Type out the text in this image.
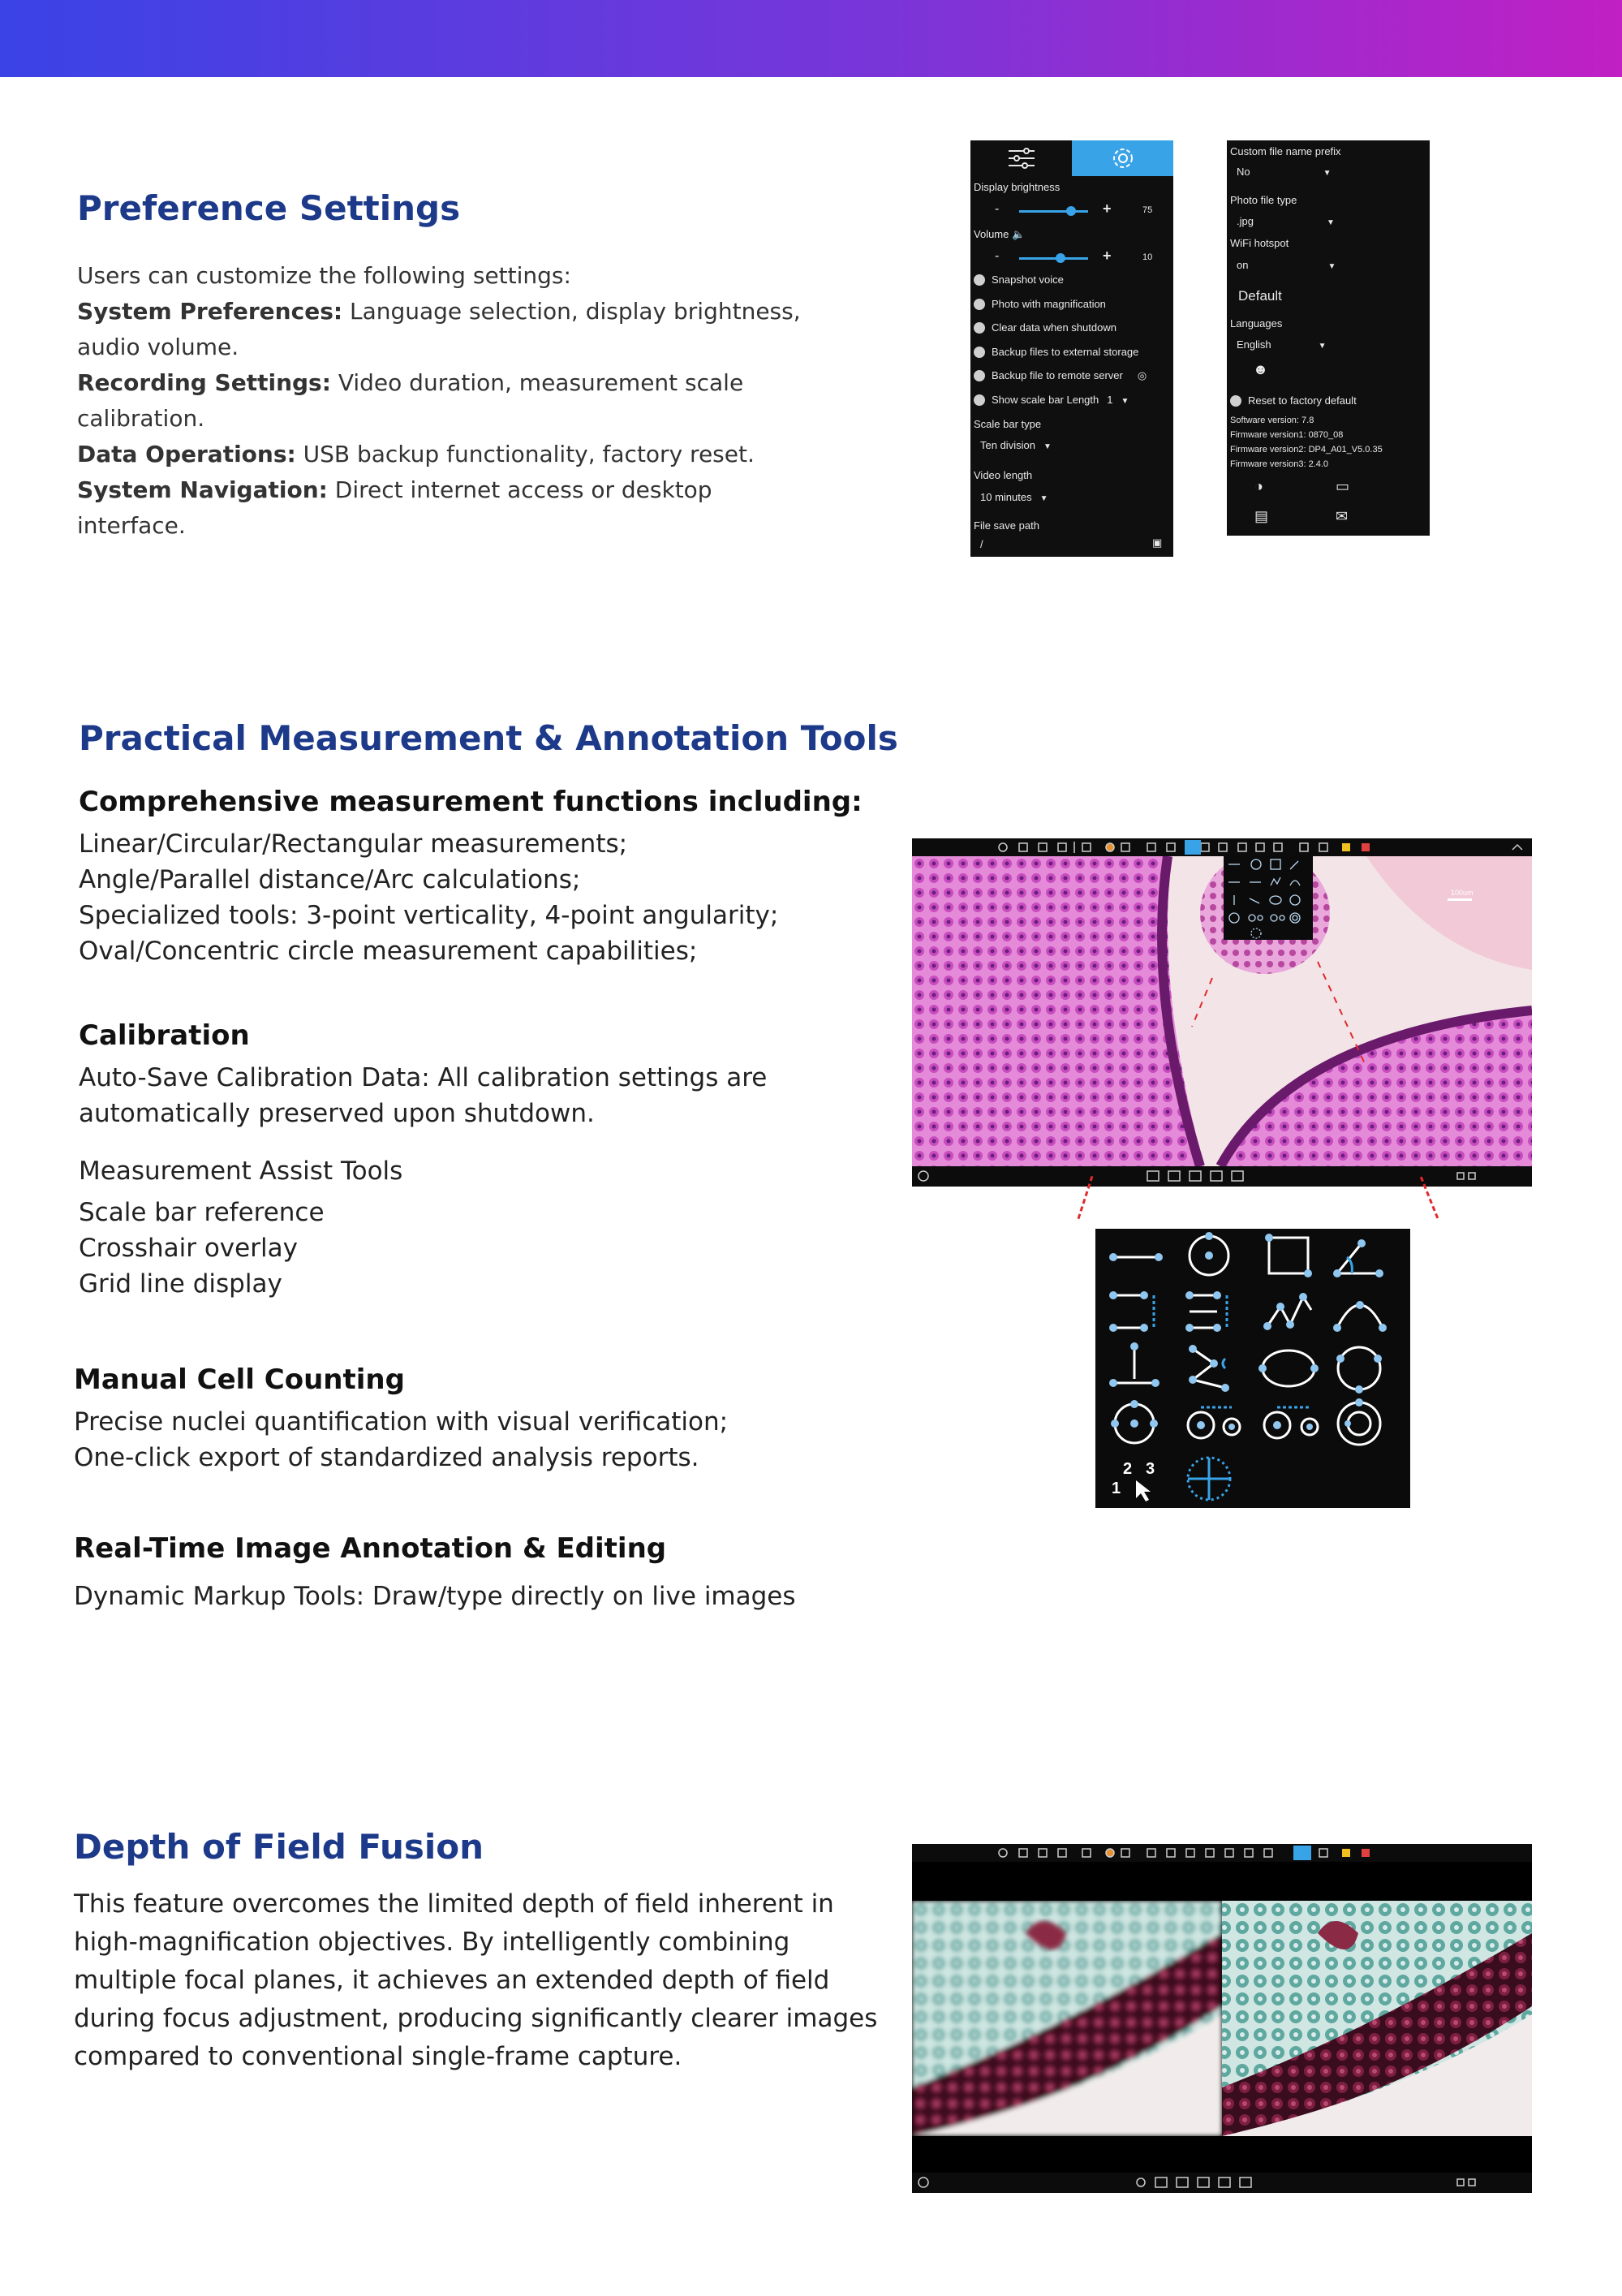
Preference Settings
Users can customize the following settings:
System Preferences: Language selection, display brightness, audio volume.
Recording Settings: Video duration, measurement scale calibration.
Data Operations: USB backup functionality, factory reset.
System Navigation: Direct internet access or desktop interface.
Display brightness
-	+	75
Volume 🔈
-	+	10
Snapshot voice
Photo with magnification
Clear data when shutdown
Backup files to external storage
Backup file to remote server ◎
Show scale bar Length 1 ▼
Scale bar type
Ten division ▼
Video length
10 minutes ▼
File save path
/	▣
Custom file name prefix
No	▼
Photo file type
.jpg	▼
WiFi hotspot
on	▼
Default
Languages
English	▼
☻
Reset to factory default
Software version: 7.8
Firmware version1: 0870_08
Firmware version2: DP4_A01_V5.0.35
Firmware version3: 2.4.0
◑	▭
▤	✉
Practical Measurement & Annotation Tools
Comprehensive measurement functions including:
Linear/Circular/Rectangular measurements;
Angle/Parallel distance/Arc calculations;
Specialized tools: 3-point verticality, 4-point angularity;
Oval/Concentric circle measurement capabilities;
Calibration
Auto-Save Calibration Data: All calibration settings are
automatically preserved upon shutdown.
Measurement Assist Tools
Scale bar reference
Crosshair overlay
Grid line display
Manual Cell Counting
Precise nuclei quantification with visual verification;
One-click export of standardized analysis reports.
Real-Time Image Annotation & Editing
Dynamic Markup Tools: Draw/type directly on live images
100um
2 3
1
Depth of Field Fusion
This feature overcomes the limited depth of field inherent in
high-magnification objectives. By intelligently combining
multiple focal planes, it achieves an extended depth of field
during focus adjustment, producing significantly clearer images
compared to conventional single-frame capture.
